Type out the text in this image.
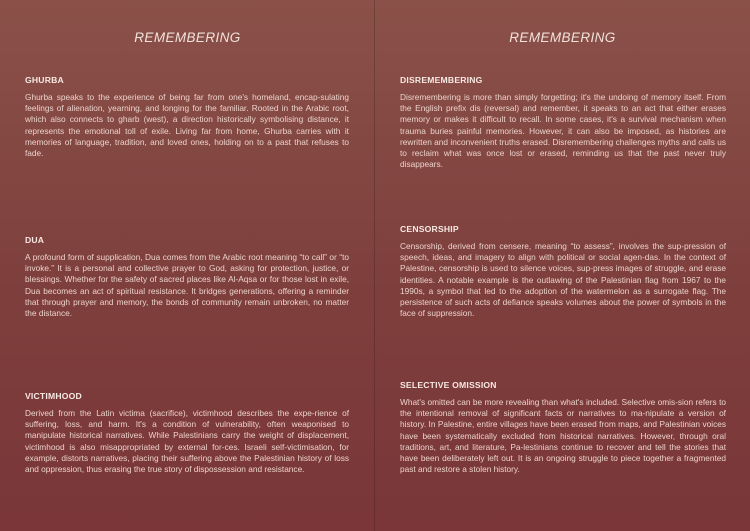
REMEMBERING
GHURBA

Ghurba speaks to the experience of being far from one's homeland, encap-sulating feelings of alienation, yearning, and longing for the familiar. Rooted in the Arabic root, which also connects to gharb (west), a direction historically symbolising distance, it represents the emotional toll of exile. Living far from home, Ghurba carries with it memories of language, tradition, and loved ones, holding on to a past that refuses to fade.

DUA

A profound form of supplication, Dua comes from the Arabic root meaning “to call” or “to invoke.” It is a personal and collective prayer to God, asking for protection, justice, or blessings. Whether for the safety of sacred places like Al-Aqsa or for those lost in exile, Dua becomes an act of spiritual resistance. It bridges generations, offering a reminder that through prayer and memory, the bonds of community remain unbroken, no matter the distance.

VICTIMHOOD

Derived from the Latin victima (sacrifice), victimhood describes the expe-rience of suffering, loss, and harm. It's a condition of vulnerability, often weaponised to manipulate historical narratives. While Palestinians carry the weight of displacement, victimhood is also misappropriated by external for-ces. Israeli self-victimisation, for example, distorts narratives, placing their suffering above the Palestinian history of loss and oppression, thus erasing the true story of dispossession and resistance.

REMEMBERING
DISREMEMBERING

Disremembering is more than simply forgetting; it's the undoing of memory itself. From the English prefix dis (reversal) and remember, it speaks to an act that either erases memory or makes it difficult to recall. In some cases, it's a survival mechanism when trauma buries painful memories. However, it can also be imposed, as histories are rewritten and inconvenient truths erased. Disremembering challenges myths and calls us to reclaim what was once lost or erased, reminding us that the past never truly disappears.

CENSORSHIP

Censorship, derived from censere, meaning “to assess”, involves the sup-pression of speech, ideas, and imagery to align with political or social agen-das. In the context of Palestine, censorship is used to silence voices, sup-press images of struggle, and erase identities. A notable example is the outlawing of the Palestinian flag from 1967 to the 1990s, a symbol that led to the adoption of the watermelon as a surrogate flag. The persistence of such acts of defiance speaks volumes about the power of symbols in the face of suppression.

SELECTIVE OMISSION

What's omitted can be more revealing than what's included. Selective omis-sion refers to the intentional removal of significant facts or narratives to ma-nipulate a version of history. In Palestine, entire villages have been erased from maps, and Palestinian voices have been systematically excluded from historical narratives. However, through oral traditions, art, and literature, Pa-lestinians continue to recover and tell the stories that have been deliberately left out. It is an ongoing struggle to piece together a fragmented past and restore a stolen history.
